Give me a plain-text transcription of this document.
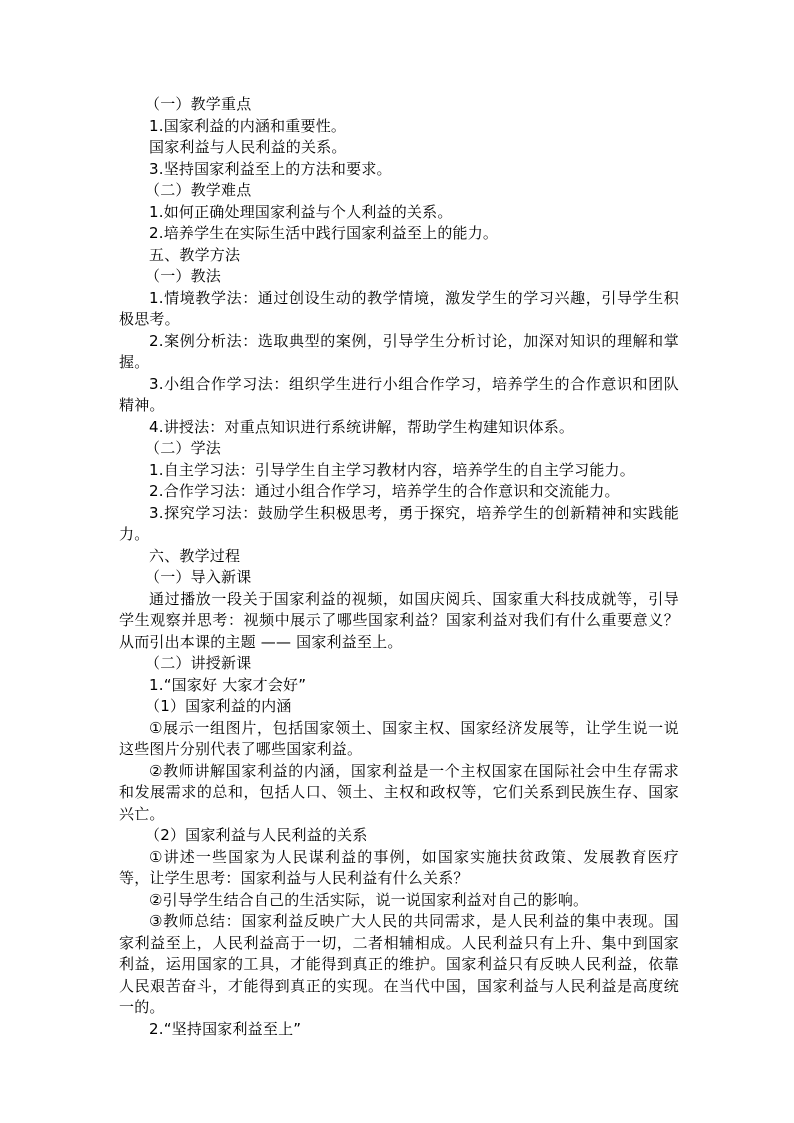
（一）教学重点

1.国家利益的内涵和重要性。

国家利益与人民利益的关系。

3.坚持国家利益至上的方法和要求。

（二）教学难点

1.如何正确处理国家利益与个人利益的关系。

2.培养学生在实际生活中践行国家利益至上的能力。

五、教学方法

（一）教法

1.情境教学法：通过创设生动的教学情境，激发学生的学习兴趣，引导学生积极思考。

2.案例分析法：选取典型的案例，引导学生分析讨论，加深对知识的理解和掌握。

3.小组合作学习法：组织学生进行小组合作学习，培养学生的合作意识和团队精神。

4.讲授法：对重点知识进行系统讲解，帮助学生构建知识体系。

（二）学法

1.自主学习法：引导学生自主学习教材内容，培养学生的自主学习能力。

2.合作学习法：通过小组合作学习，培养学生的合作意识和交流能力。

3.探究学习法：鼓励学生积极思考，勇于探究，培养学生的创新精神和实践能力。

六、教学过程

（一）导入新课

通过播放一段关于国家利益的视频，如国庆阅兵、国家重大科技成就等，引导学生观察并思考：视频中展示了哪些国家利益？国家利益对我们有什么重要意义？从而引出本课的主题 —— 国家利益至上。

（二）讲授新课

1.“国家好 大家才会好”

（1）国家利益的内涵

①展示一组图片，包括国家领土、国家主权、国家经济发展等，让学生说一说这些图片分别代表了哪些国家利益。

②教师讲解国家利益的内涵，国家利益是一个主权国家在国际社会中生存需求和发展需求的总和，包括人口、领土、主权和政权等，它们关系到民族生存、国家兴亡。

（2）国家利益与人民利益的关系

①讲述一些国家为人民谋利益的事例，如国家实施扶贫政策、发展教育医疗等，让学生思考：国家利益与人民利益有什么关系？

②引导学生结合自己的生活实际，说一说国家利益对自己的影响。

③教师总结：国家利益反映广大人民的共同需求，是人民利益的集中表现。国家利益至上，人民利益高于一切，二者相辅相成。人民利益只有上升、集中到国家利益，运用国家的工具，才能得到真正的维护。国家利益只有反映人民利益，依靠人民艰苦奋斗，才能得到真正的实现。在当代中国，国家利益与人民利益是高度统一的。

2.“坚持国家利益至上”
